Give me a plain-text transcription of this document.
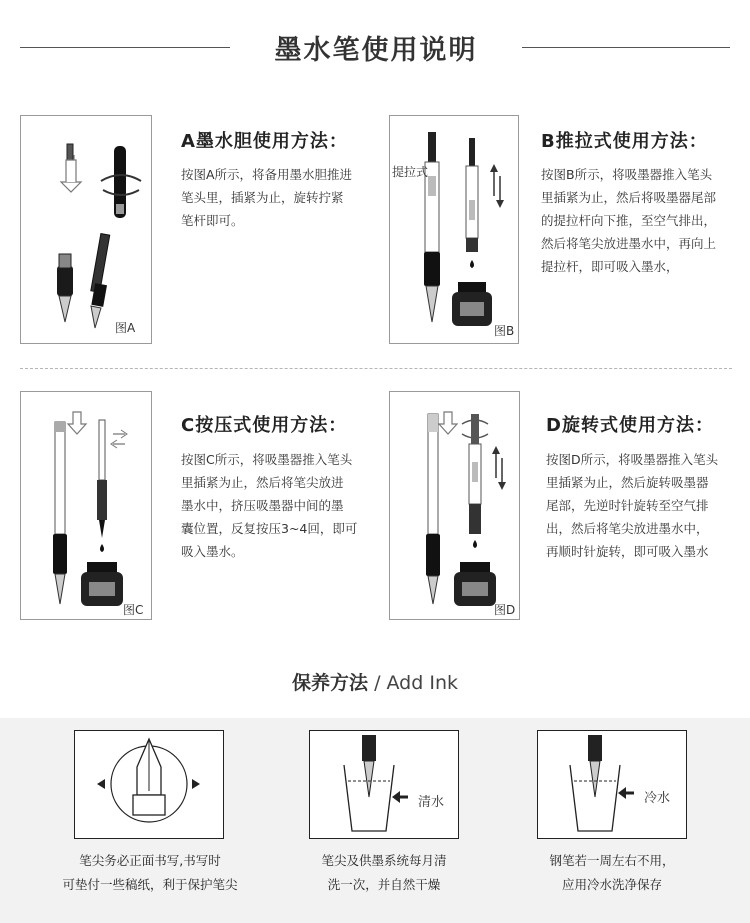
墨水笔使用说明
图A
A墨水胆使用方法：
按图A所示，将备用墨水胆推进
笔头里，插紧为止，旋转拧紧
笔杆即可。
提拉式
图B
B推拉式使用方法：
按图B所示，将吸墨器推入笔头
里插紧为止，然后将吸墨器尾部
的提拉杆向下推，至空气排出，
然后将笔尖放进墨水中，再向上
提拉杆，即可吸入墨水，
图C
C按压式使用方法：
按图C所示，将吸墨器推入笔头
里插紧为止，然后将笔尖放进
墨水中，挤压吸墨器中间的墨
囊位置，反复按压3~4回，即可
吸入墨水。
图D
D旋转式使用方法：
按图D所示，将吸墨器推入笔头
里插紧为止，然后旋转吸墨器
尾部，先逆时针旋转至空气排
出，然后将笔尖放进墨水中，
再顺时针旋转，即可吸入墨水
保养方法 / Add Ink
笔尖务必正面书写,书写时
可垫付一些稿纸，利于保护笔尖
清水
笔尖及供墨系统每月清
洗一次，并自然干燥
冷水
钢笔若一周左右不用，
应用冷水洗净保存
